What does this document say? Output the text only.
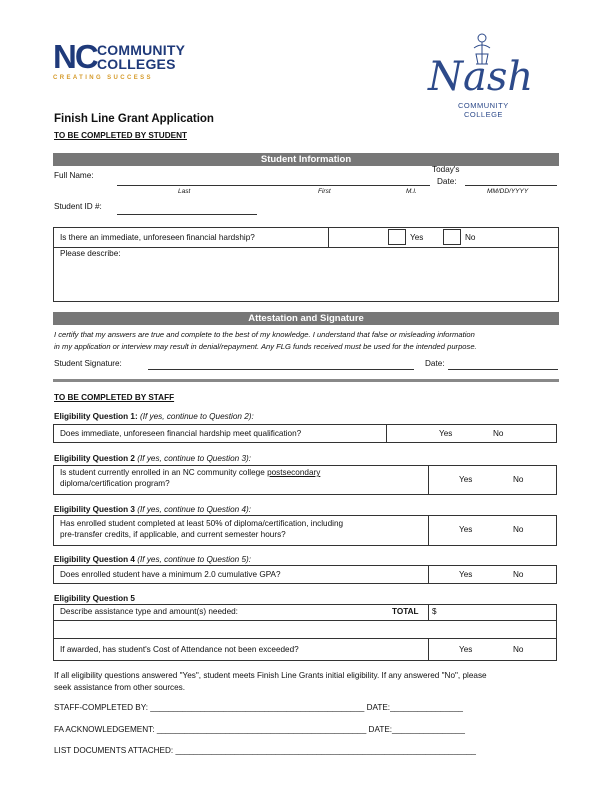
NC COMMUNITY
COLLEGES
CREATING SUCCESS	Nash
COMMUNITY
COLLEGE
Finish Line Grant Application
TO BE COMPLETED BY STUDENT
Student Information
Full Name:
Today's
Date:
Last	First	M.I.	MM/DD/YYYY
Student ID #:
Is there an immediate, unforeseen financial hardship?	Yes	No
Please describe:
Attestation and Signature
I certify that my answers are true and complete to the best of my knowledge. I understand that false or misleading information
in my application or interview may result in denial/repayment. Any FLG funds received must be used for the intended purpose.
Student Signature:	Date:
TO BE COMPLETED BY STAFF
Eligibility Question 1: (If yes, continue to Question 2):
Does immediate, unforeseen financial hardship meet qualification?	Yes	No
Eligibility Question 2 (If yes, continue to Question 3):
Is student currently enrolled in an NC community college postsecondary
diploma/certification program?	Yes	No
Eligibility Question 3 (If yes, continue to Question 4):
Has enrolled student completed at least 50% of diploma/certification, including
pre-transfer credits, if applicable, and current semester hours?
Yes	No
Eligibility Question 4 (If yes, continue to Question 5):
Does enrolled student have a minimum 2.0 cumulative GPA?	Yes	No
Eligibility Question 5
Describe assistance type and amount(s) needed:	TOTAL $
If awarded, has student's Cost of Attendance not been exceeded?	Yes	No
If all eligibility questions answered "Yes", student meets Finish Line Grants initial eligibility. If any answered "No", please
seek assistance from other sources.
STAFF-COMPLETED BY: _______________________________________________ DATE:________________
FA ACKNOWLEDGEMENT: ______________________________________________ DATE:________________
LIST DOCUMENTS ATTACHED: __________________________________________________________________
